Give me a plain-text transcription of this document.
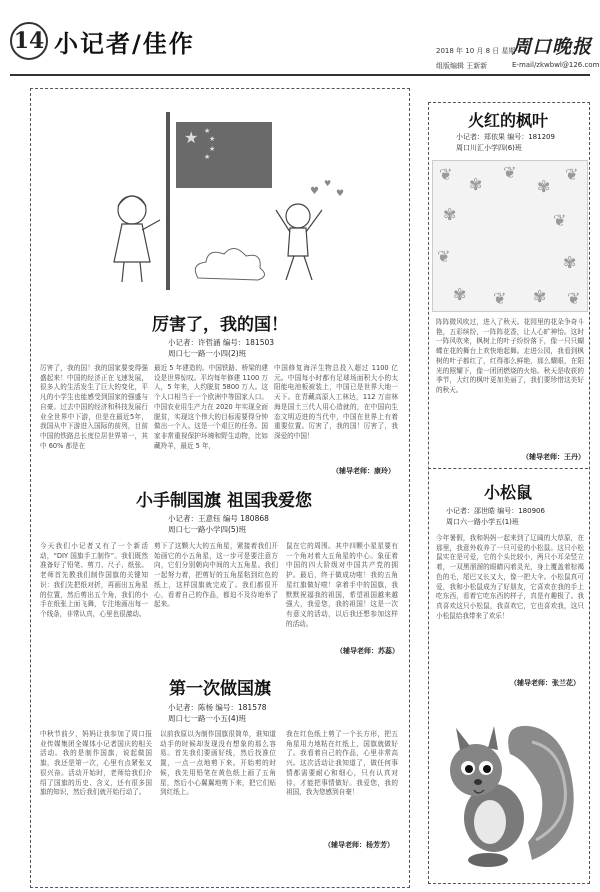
14 小记者/佳作	周口晚报
2018 年 10 月 8 日 星期一
组版编辑 王新新	E-mail/zkwbwl@126.com
★ ★
★
★
★
♥
♥
♥
厉害了，我的国！
小记者：许哲涵 编号：181503
周口七一路一小四(2)班
厉害了，我的国！我的国家要变得强盛起来！中国的经济正在飞速发展，很多人的生活发生了巨大的变化，平凡的小学生也能感受到国家的强盛与自豪。过去中国的经济和科技发展行业全世界中下游，但是在最近5年，我国从中下游进入国际的前列，目前中国的铁路总长度位居世界第一，其中 60% 都是在
最近 5 年建造的。中国铁路、桥梁的建设是世界惊叹。平均每年修建 1100 万人，5 年来，人约脱贫 5800 万人。这个人口相当于一个欧洲中等国家人口。中国农业用生产力在 2020 年实现全面脱贫，实现这个伟大的目标需要得分钟做出一个人。这是一个艰巨的任务。国家非常重视保护环境和野生动物，比如藏羚羊，最近 5 年，
中国修复海洋生物总投入超过 1100 亿元。中国每小时都有足球场面积大小的太阳能电池板被装上，中国已是世界大地一天下。在青藏高原人工林达，112 万亩林海是国土三代人用心造就的，在中国向生态文明迈进的当代中，中国在世界上有着重要位置。厉害了，我的国！厉害了，我深爱的中国！
（辅导老师：康玲）
小手制国旗 祖国我爱您
小记者：王意钰 编号 180868
周口七一路小学四(5)班
今天我们小记者又有了一个新活动，“DIY 国旗手工制作”。我们既然准备好了铅笔、剪刀、尺子、纸张。老师首先教我们制作国旗的关键知识：我们先把纸对折，再画出五角星的位置，然后剪出五个角，我们的小手在纸张上面飞舞，专注地画出每一个线条，非常认真，心里也很激动。
剪下了这颗大大的五角星，紧接着我们开始画它的小五角星，这一步可是要注意方向，它们分别朝向中间的大五角星。我们一起努力着，把剪好的五角星粘到红色的纸上，这样国旗就完成了。我们都很开心，看着自己的作品，都迫不及待地举了起来。
鼠在它的周围。其中四颗小星星要有一个角对着大五角星的中心。象征着中国的四大阶级对中国共产党的拥护。最后，终于做成功啦！我的五角星红旗做好啦！拿着手中的国旗，我默默祝福我的祖国，希望祖国越来越强大，我爱您，我的祖国！这是一次有意义的活动，以后我还想参加这样的活动。
（辅导老师：苏蕊）
第一次做国旗
小记者：陈杨 编号：181578
周口七一路一小五(4)班
中秋节前夕，妈妈让我参加了周口报业传媒集团全媒体小记者国庆的相关活动。我的是制作国旗，说起做国旗，我还是第一次，心里有点紧张又很兴奋。活动开始时，老师给我们介绍了国旗的历史、含义，还有很多国旗的知识，然后我们就开始行动了。
以前我原以为制作国旗很简单，谁知道动手的时候却发现没有想象的那么容易。首先我们要画好线，然后找准位置，一点一点地剪下来。开始剪的时候，我先用铅笔在黄色纸上画了五角星，然后小心翼翼地剪下来，把它们贴到红纸上。
我在红色纸上剪了一个长方形，把五角星用力地粘在红纸上，国旗就做好了。我看着自己的作品，心里非常高兴。这次活动让我知道了，做任何事情都需要耐心和细心，只有认真对待，才能把事情做好。我爱您，我的祖国，我为您感到自豪！
（辅导老师：杨芳芳）
火红的枫叶
小记者：郑依果 编号：181209
周口川汇小学四(6)班
❦
✾
❦
✾
❦
✾	❦
❦	✾
✾ ❦ ✾ ❦
阵阵微风吹过，进入了秋天。花园里的花朵争奇斗艳，五彩缤纷，一阵阵花香，让人心旷神怡。这时一阵风吹来，枫树上的叶子纷纷落下，像一只只蝴蝶在花的舞台上欢快地起舞。走进公园，我看到枫树的叶子都红了，红得那么鲜艳，那么耀眼，在阳光的照耀下，像一团团燃烧的火焰。秋天是收获的季节，大红的枫叶更加美丽了，我们要珍惜这美好的秋天。
（辅导老师：王丹）
小松鼠
小记者：邵世皓 编号：180906
周口六一路小学五(1)班
今年暑假，我和妈妈一起来到了辽阔的大草原，在那里，我意外收养了一只可爱的小松鼠。这只小松鼠实在是可爱，它的个头比较小，两只小耳朵竖立着，一双黑溜溜的眼睛闪着灵光，身上覆盖着棕褐色的毛，尾巴又长又大，像一把大伞。小松鼠真可爱，我和小松鼠成为了好朋友，它喜欢在我的手上吃东西，看着它吃东西的样子，真是有趣极了。我真喜欢这只小松鼠，我喜欢它，它也喜欢我，这只小松鼠给我带来了欢乐！
（辅导老师：张兰花）
